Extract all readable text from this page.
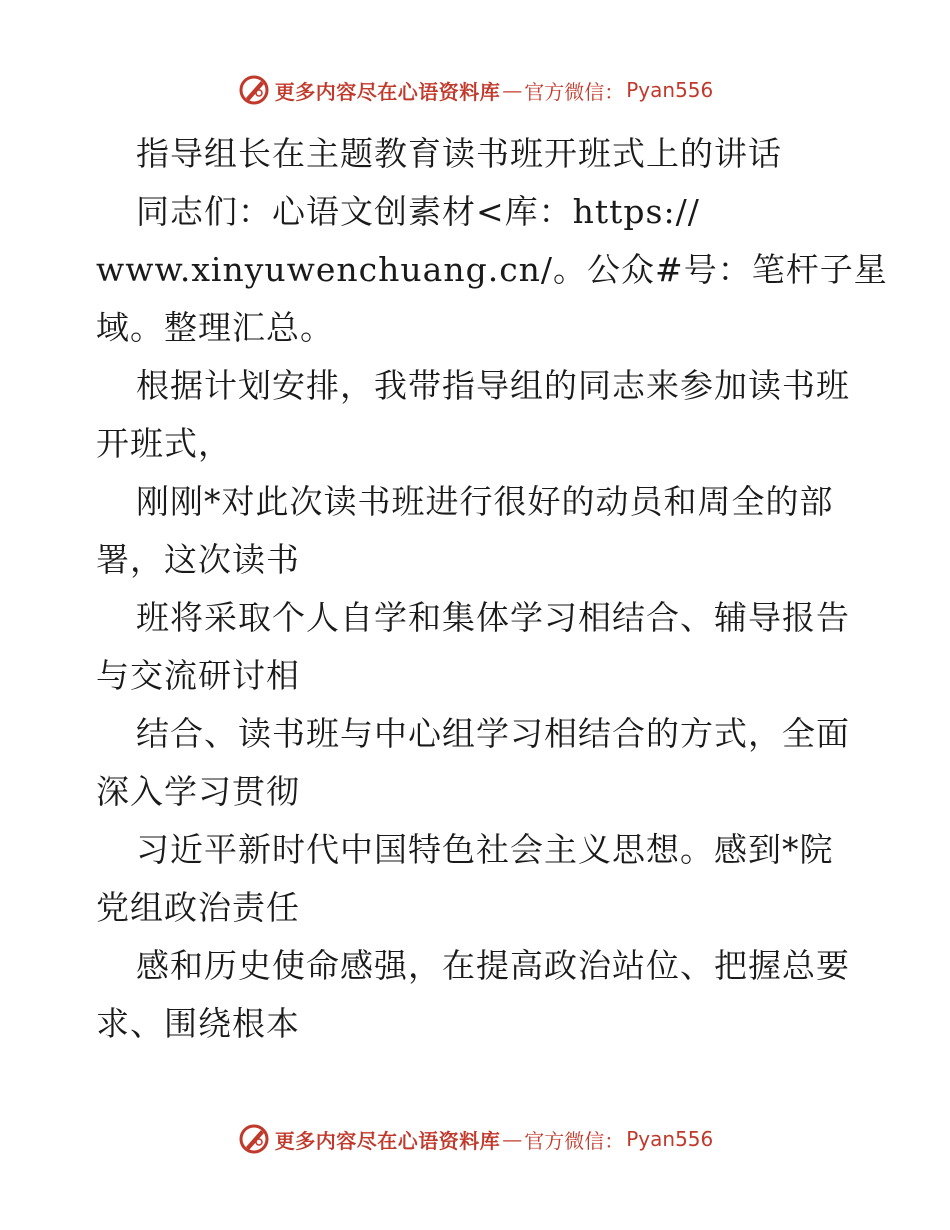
更多内容尽在心语资料库 — 官方微信： Pyan556
指导组长在主题教育读书班开班式上的讲话
同志们：心语文创素材<库：https://
www.xinyuwenchuang.cn/。公众#号：笔杆子星
域。整理汇总。
根据计划安排，我带指导组的同志来参加读书班
开班式，
刚刚*对此次读书班进行很好的动员和周全的部
署，这次读书
班将采取个人自学和集体学习相结合、辅导报告
与交流研讨相
结合、读书班与中心组学习相结合的方式，全面
深入学习贯彻
习近平新时代中国特色社会主义思想。感到*院
党组政治责任
感和历史使命感强，在提高政治站位、把握总要
求、围绕根本
更多内容尽在心语资料库 — 官方微信： Pyan556
